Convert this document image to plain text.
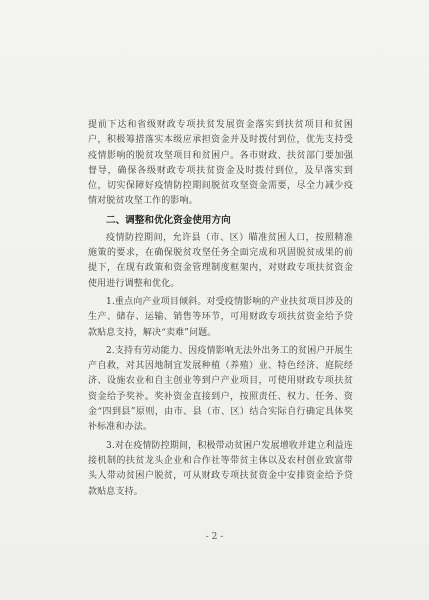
提前下达和省级财政专项扶贫发展资金落实到扶贫项目和贫困户，积极筹措落实本级应承担资金并及时拨付到位，优先支持受疫情影响的脱贫攻坚项目和贫困户。各市财政、扶贫部门要加强督导，确保各级财政专项扶贫资金及时拨付到位，及早落实到位，切实保障好疫情防控期间脱贫攻坚资金需要，尽全力减少疫情对脱贫攻坚工作的影响。

二、调整和优化资金使用方向

疫情防控期间，允许县（市、区）瞄准贫困人口，按照精准施策的要求，在确保脱贫攻坚任务全面完成和巩固脱贫成果的前提下，在现有政策和资金管理制度框架内，对财政专项扶贫资金使用进行调整和优化。

1.重点向产业项目倾斜。对受疫情影响的产业扶贫项目涉及的生产、储存、运输、销售等环节，可用财政专项扶贫资金给予贷款贴息支持，解决“卖难”问题。

2.支持有劳动能力、因疫情影响无法外出务工的贫困户开展生产自救，对其因地制宜发展种植（养殖）业、特色经济、庭院经济、设施农业和自主创业等到户产业项目，可使用财政专项扶贫资金给予奖补。奖补资金直接到户，按照责任、权力、任务、资金“四到县”原则，由市、县（市、区）结合实际自行确定具体奖补标准和办法。

3.对在疫情防控期间，积极带动贫困户发展增收并建立利益连接机制的扶贫龙头企业和合作社等带贫主体以及农村创业致富带头人带动贫困户脱贫，可从财政专项扶贫资金中安排资金给予贷款贴息支持。

- 2 -
